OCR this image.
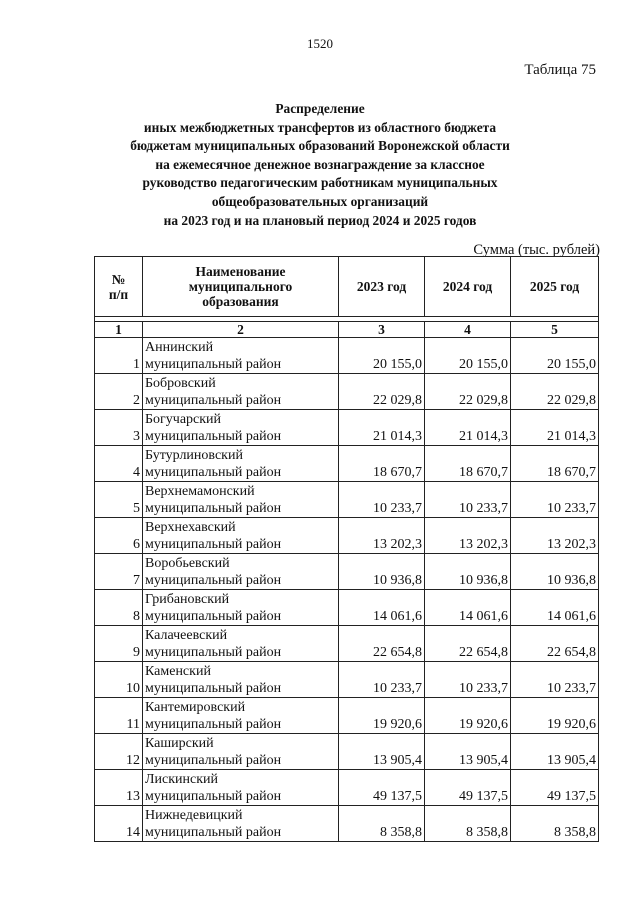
1520
Таблица 75
Распределение
иных межбюджетных трансфертов из областного бюджета
бюджетам муниципальных образований Воронежской области
на ежемесячное денежное вознаграждение за классное
руководство педагогическим работникам муниципальных
общеобразовательных организаций
на 2023 год и на плановый период 2024 и 2025 годов
Сумма (тыс. рублей)
№
п/п	Наименование
муниципального
образования	2023 год	2024 год	2025 год

1	2	3	4	5
1	Аннинский
муниципальный район	20 155,0	20 155,0	20 155,0
2	Бобровский
муниципальный район	22 029,8	22 029,8	22 029,8
3	Богучарский
муниципальный район	21 014,3	21 014,3	21 014,3
4	Бутурлиновский
муниципальный район	18 670,7	18 670,7	18 670,7
5	Верхнемамонский
муниципальный район	10 233,7	10 233,7	10 233,7
6	Верхнехавский
муниципальный район	13 202,3	13 202,3	13 202,3
7	Воробьевский
муниципальный район	10 936,8	10 936,8	10 936,8
8	Грибановский
муниципальный район	14 061,6	14 061,6	14 061,6
9	Калачеевский
муниципальный район	22 654,8	22 654,8	22 654,8
10	Каменский
муниципальный район	10 233,7	10 233,7	10 233,7
11	Кантемировский
муниципальный район	19 920,6	19 920,6	19 920,6
12	Каширский
муниципальный район	13 905,4	13 905,4	13 905,4
13	Лискинский
муниципальный район	49 137,5	49 137,5	49 137,5
14	Нижнедевицкий
муниципальный район	8 358,8	8 358,8	8 358,8
